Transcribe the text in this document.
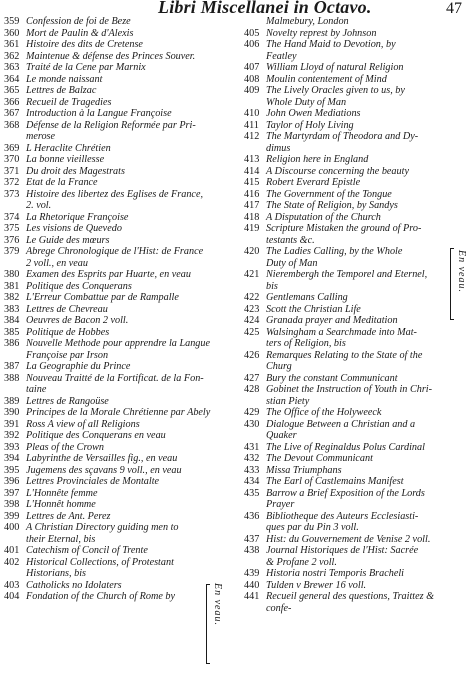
Libri Miscellanei in Octavo.	47
359 Confession de foi de Beze
360 Mort de Paulin & d'Alexis
361 Histoire des dits de Cretense
362 Maintenue & défense des Princes Souver.
363 Traité de la Cene par Marnix
364 Le monde naissant
365 Lettres de Balzac
366 Recueil de Tragedies
367 Introduction à la Langue Françoise
368 Défense de la Religion Reformée par Pri-
merose
369 L Heraclite Chrétien
370 La bonne vieillesse
371 Du droit des Magestrats
372 Etat de la France
373 Histoire des libertez des Eglises de France,
2. vol.
374 La Rhetorique Françoise
375 Les visions de Quevedo
376 Le Guide des mœurs
379 Abrege Chronologique de l'Hist: de France
2 voll., en veau
380 Examen des Esprits par Huarte, en veau
381 Politique des Conquerans
382 L'Erreur Combattue par de Rampalle
383 Lettres de Chevreau
384 Oeuvres de Bacon 2 voll.
385 Politique de Hobbes
386 Nouvelle Methode pour apprendre la Langue
Françoise par Irson
387 La Geographie du Prince
388 Nouveau Traitté de la Fortificat. de la Fon-
taine
389 Lettres de Rangoüse
390 Principes de la Morale Chrétienne par Abely
391 Ross A view of all Religions
392 Politique des Conquerans en veau
393 Pleas of the Crown
394 Labyrinthe de Versailles fig., en veau
395 Jugemens des sçavans 9 voll., en veau
396 Lettres Provinciales de Montalte
397 L'Honnête femme
398 L'Honnêt homme
399 Lettres de Ant. Perez
400 A Christian Directory guiding men to
their Eternal, bis
401 Catechism of Concil of Trente
402 Historical Collections, of Protestant
Historians, bis
403 Catholicks no Idolaters
404 Fondation of the Church of Rome by
Malmebury, London
405 Novelty represt by Johnson
406 The Hand Maid to Devotion, by
Featley
407 William Lloyd of natural Religion
408 Moulin contentement of Mind
409 The Lively Oracles given to us, by
Whole Duty of Man
410 John Owen Mediations
411 Taylor of Holy Living
412 The Martyrdam of Theodora and Dy-
dimus
413 Religion here in England
414 A Discourse concerning the beauty
415 Robert Everard Epistle
416 The Government of the Tongue
417 The State of Religion, by Sandys
418 A Disputation of the Church
419 Scripture Mistaken the ground of Pro-
testants &c.
420 The Ladies Calling, by the Whole
Duty of Man
421 Nierembergh the Temporel and Eternel,
bis
422 Gentlemans Calling
423 Scott the Christian Life
424 Granada prayer and Meditation
425 Walsingham a Searchmade into Mat-
ters of Religion, bis
426 Remarques Relating to the State of the
Churg
427 Bury the constant Communicant
428 Gobinet the Instruction of Youth in Chri-
stian Piety
429 The Office of the Holyweeck
430 Dialogue Between a Christian and a
Quaker
431 The Live of Reginaldus Polus Cardinal
432 The Devout Communicant
433 Missa Triumphans
434 The Earl of Castlemains Manifest
435 Barrow a Brief Exposition of the Lords
Prayer
436 Bibliotheque des Auteurs Ecclesiasti-
ques par du Pin 3 voll.
437 Hist: du Gouvernement de Venise 2 voll.
438 Journal Historiques de l'Hist: Sacrée
& Profane 2 voll.
439 Historia nostri Temporis Bracheli
440 Tulden v Brewer 16 voll.
441 Recueil general des questions, Traittez &
confe-
En veau.
En veau.
